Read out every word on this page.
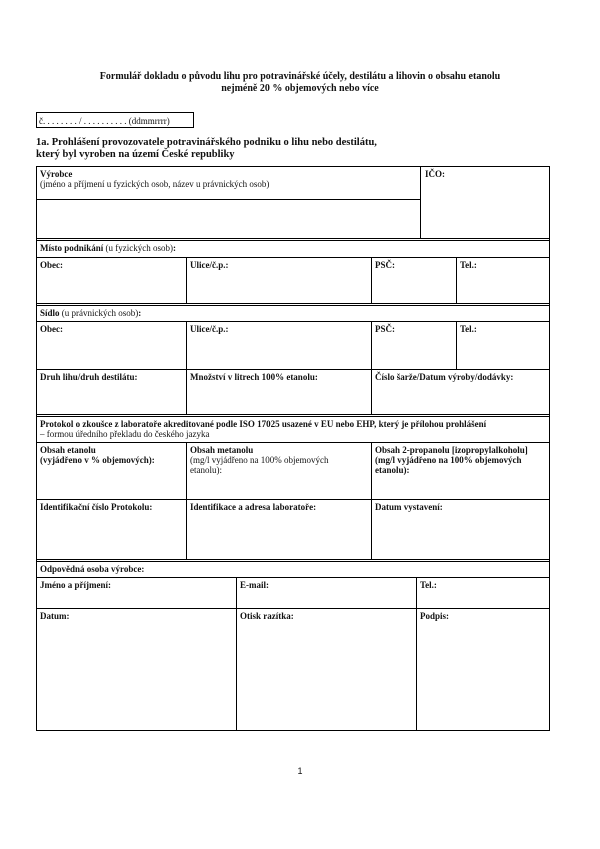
Formulář dokladu o původu lihu pro potravinářské účely, destilátu a lihovin o obsahu etanolu
nejméně 20 % objemových nebo více
č. . . . . . . . / . . . . . . . . . . (ddmmrrrr)
1a. Prohlášení provozovatele potravinářského podniku o lihu nebo destilátu,
který byl vyroben na území České republiky
Výrobce
(jméno a příjmení u fyzických osob, název u právnických osob)
IČO:
Místo podnikání (u fyzických osob):
Obec:	Ulice/č.p.:	PSČ:	Tel.:
Sídlo (u právnických osob):
Obec:	Ulice/č.p.:	PSČ:	Tel.:
Druh lihu/druh destilátu:	Množství v litrech 100% etanolu:	Číslo šarže/Datum výroby/dodávky:
Protokol o zkoušce z laboratoře akreditované podle ISO 17025 usazené v EU nebo EHP, který je přílohou prohlášení
– formou úředního překladu do českého jazyka
Obsah etanolu
(vyjádřeno v % objemových):
Obsah metanolu
(mg/l vyjádřeno na 100% objemových
etanolu):
Obsah 2-propanolu [izopropylalkoholu]
(mg/l vyjádřeno na 100% objemových
etanolu):
Identifikační číslo Protokolu:	Identifikace a adresa laboratoře:	Datum vystavení:
Odpovědná osoba výrobce:
Jméno a příjmení:	E-mail:	Tel.:
Datum:	Otisk razítka:	Podpis:
1
